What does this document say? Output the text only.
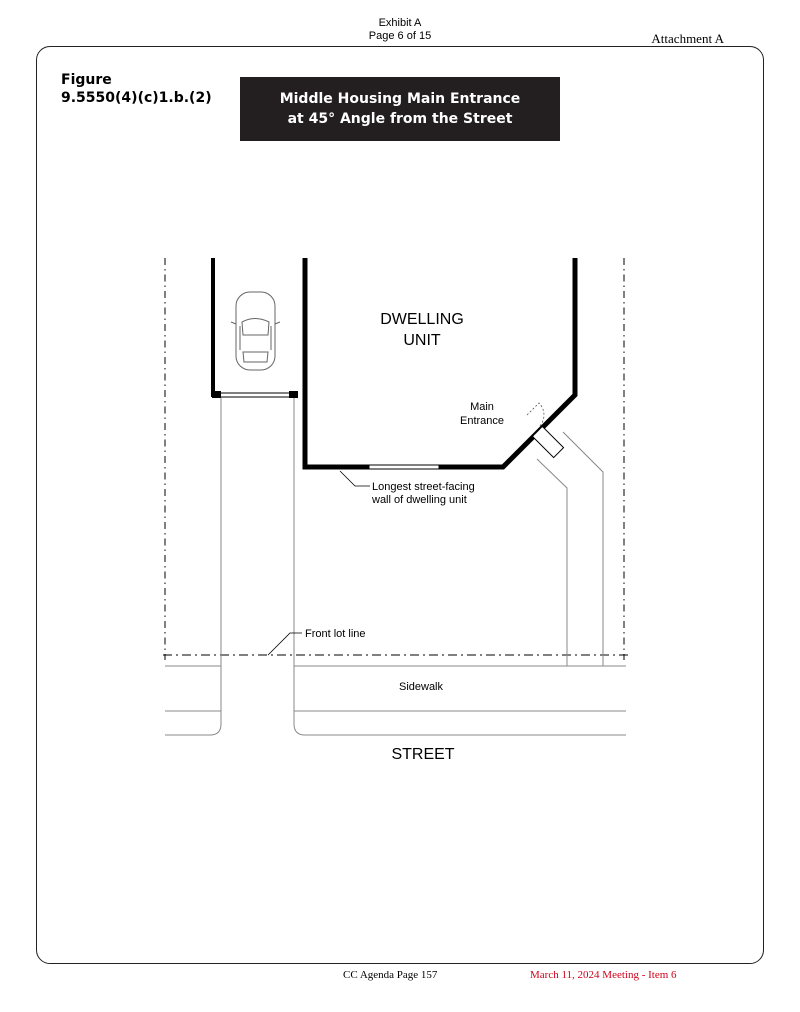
Exhibit A
Page 6 of 15	Attachment A
Figure
9.5550(4)(c)1.b.(2)	Middle Housing Main Entrance
at 45° Angle from the Street
DWELLING
UNIT
Main
Entrance
Longest street-facing
wall of dwelling unit
Front lot line
Sidewalk
STREET
CC Agenda Page 157	March 11, 2024 Meeting - Item 6
